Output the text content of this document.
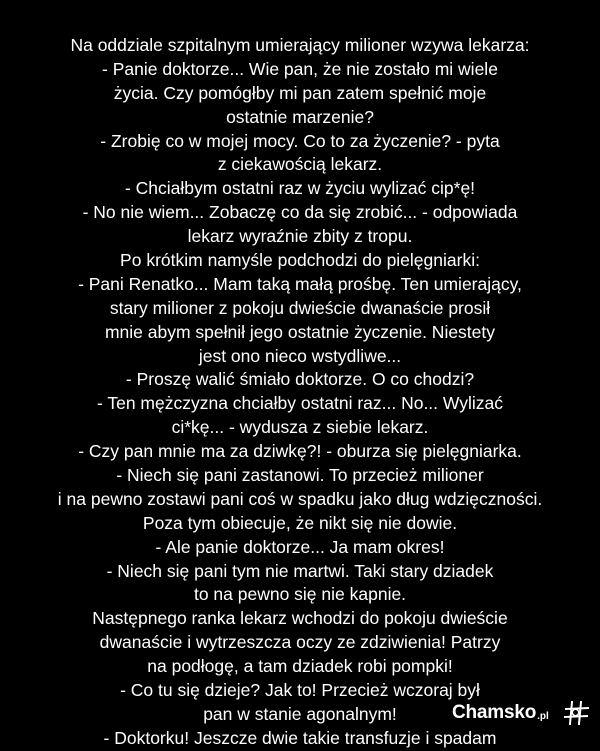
Na oddziale szpitalnym umierający milioner wzywa lekarza:
- Panie doktorze... Wie pan, że nie zostało mi wiele
życia. Czy pomógłby mi pan zatem spełnić moje
ostatnie marzenie?
- Zrobię co w mojej mocy. Co to za życzenie? - pyta
z ciekawością lekarz.
- Chciałbym ostatni raz w życiu wylizać cip*ę!
- No nie wiem... Zobaczę co da się zrobić... - odpowiada
lekarz wyraźnie zbity z tropu.
Po krótkim namyśle podchodzi do pielęgniarki:
- Pani Renatko... Mam taką małą prośbę. Ten umierający,
stary milioner z pokoju dwieście dwanaście prosił
mnie abym spełnił jego ostatnie życzenie. Niestety
jest ono nieco wstydliwe...
- Proszę walić śmiało doktorze. O co chodzi?
- Ten mężczyzna chciałby ostatni raz... No... Wylizać
ci*kę... - wydusza z siebie lekarz.
- Czy pan mnie ma za dziwkę?! - oburza się pielęgniarka.
- Niech się pani zastanowi. To przecież milioner
i na pewno zostawi pani coś w spadku jako dług wdzięczności.
Poza tym obiecuje, że nikt się nie dowie.
- Ale panie doktorze... Ja mam okres!
- Niech się pani tym nie martwi. Taki stary dziadek
to na pewno się nie kapnie.
Następnego ranka lekarz wchodzi do pokoju dwieście
dwanaście i wytrzeszcza oczy ze zdziwienia! Patrzy
na podłogę, a tam dziadek robi pompki!
- Co tu się dzieje? Jak to! Przecież wczoraj był
pan w stanie agonalnym!
- Doktorku! Jeszcze dwie takie transfuzje i spadam
Chamsko .pl
